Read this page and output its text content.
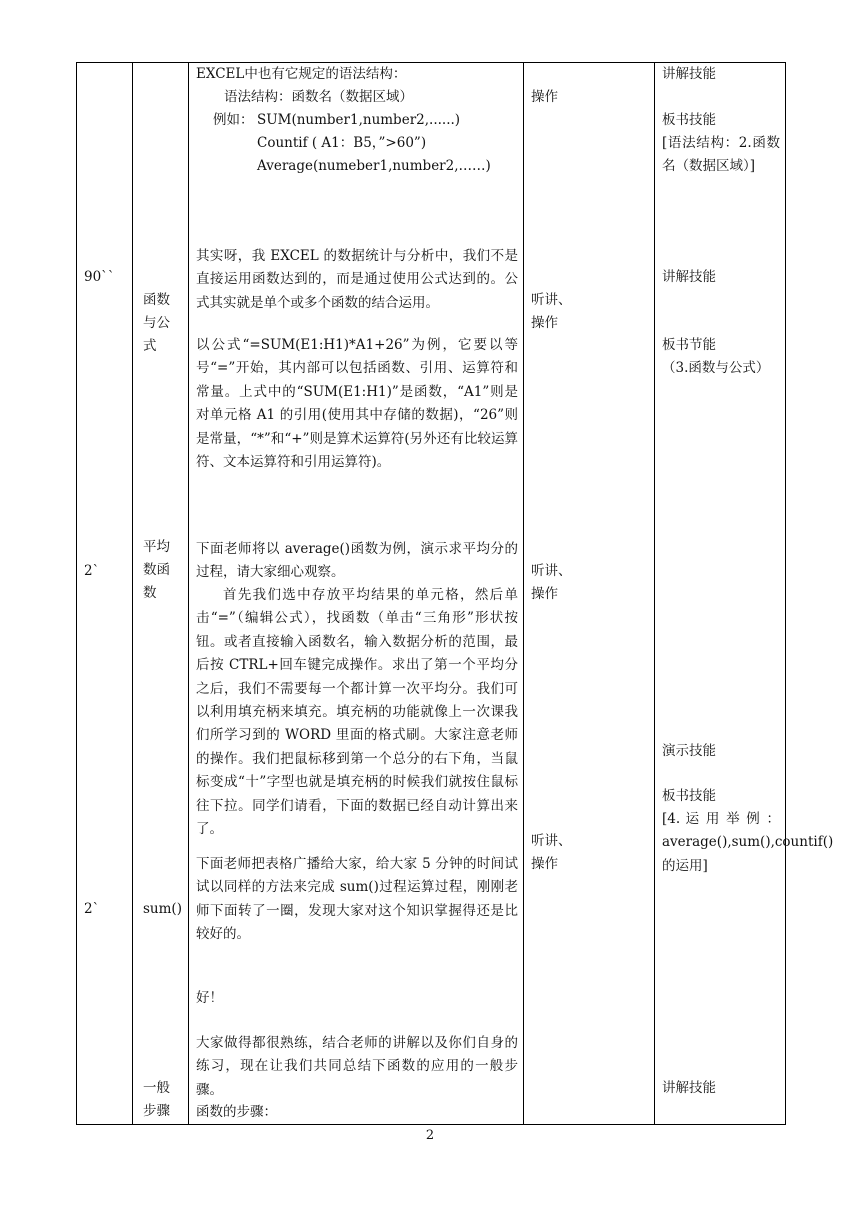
90``
2`
2`
函数
与公
式
平均
数函
数
sum()
一般
步骤
EXCEL中也有它规定的语法结构：
语法结构：函数名（数据区域）
例如： SUM(number1,number2,......)
Countif ( A1：B5，”>60”)
Average(numeber1,number2,……)
其实呀，我 EXCEL 的数据统计与分析中，我们不是直接运用函数达到的，而是通过使用公式达到的。公式其实就是单个或多个函数的结合运用。
以公式“=SUM(E1:H1)*A1+26”为例，它要以等号“=”开始，其内部可以包括函数、引用、运算符和常量。上式中的“SUM(E1:H1)”是函数，“A1”则是对单元格 A1 的引用(使用其中存储的数据)，“26”则是常量，“*”和“+”则是算术运算符(另外还有比较运算符、文本运算符和引用运算符)。
下面老师将以 average()函数为例，演示求平均分的过程，请大家细心观察。
首先我们选中存放平均结果的单元格，然后单击“=”（编辑公式），找函数（单击“三角形”形状按钮。或者直接输入函数名，输入数据分析的范围，最后按 CTRL+回车键完成操作。求出了第一个平均分之后，我们不需要每一个都计算一次平均分。我们可以利用填充柄来填充。填充柄的功能就像上一次课我们所学习到的 WORD 里面的格式刷。大家注意老师的操作。我们把鼠标移到第一个总分的右下角，当鼠标变成“十”字型也就是填充柄的时候我们就按住鼠标往下拉。同学们请看，下面的数据已经自动计算出来了。
下面老师把表格广播给大家，给大家 5 分钟的时间试试以同样的方法来完成 sum()过程运算过程，刚刚老师下面转了一圈，发现大家对这个知识掌握得还是比较好的。
好！
大家做得都很熟练，结合老师的讲解以及你们自身的练习，现在让我们共同总结下函数的应用的一般步骤。
函数的步骤：
操作
听讲、
操作
听讲、
操作
听讲、
操作
讲解技能
板书技能
[语法结构：2.函数名（数据区域）]
讲解技能
板书节能
（3.函数与公式）
演示技能
板书技能
[4. 运 用 举 例 ：average(),sum(),countif()的运用]
讲解技能
2
